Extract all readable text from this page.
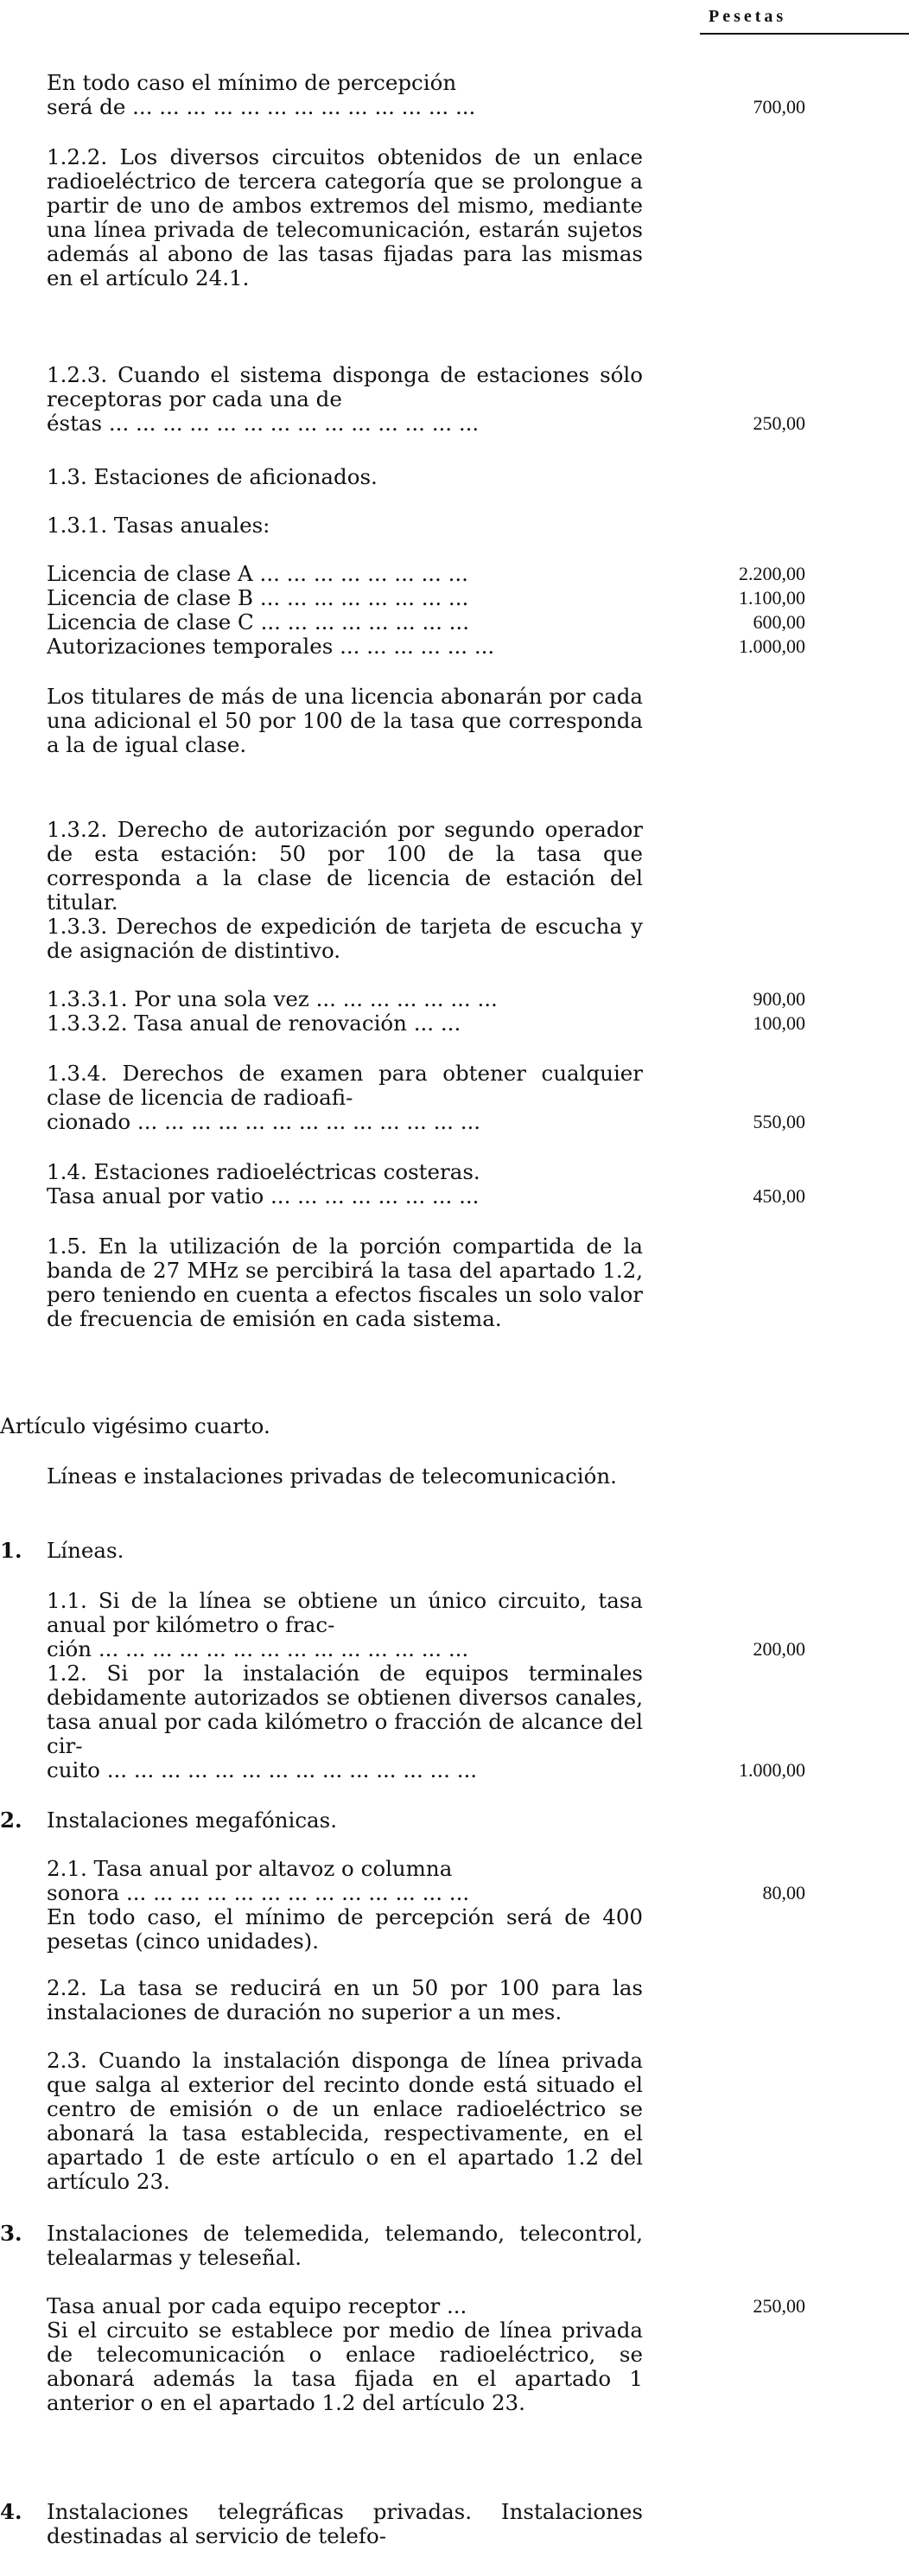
Pesetas
En todo caso el mínimo de percepción
será de ... ... ... ... ... ... ... ... ... ... ... ... ...	700,00
1.2.2. Los diversos circuitos obtenidos de un enlace radioeléctrico de tercera categoría que se prolongue a partir de uno de ambos extremos del mismo, mediante una línea privada de telecomunicación, estarán sujetos además al abono de las tasas fijadas para las mismas en el artículo 24.1.
1.2.3. Cuando el sistema disponga de estaciones sólo receptoras por cada una de
éstas ... ... ... ... ... ... ... ... ... ... ... ... ... ...	250,00
1.3. Estaciones de aficionados.
1.3.1. Tasas anuales:
Licencia de clase A ... ... ... ... ... ... ... ...	2.200,00
Licencia de clase B ... ... ... ... ... ... ... ...	1.100,00
Licencia de clase C ... ... ... ... ... ... ... ...	600,00
Autorizaciones temporales ... ... ... ... ... ...	1.000,00
Los titulares de más de una licencia abonarán por cada una adicional el 50 por 100 de la tasa que corresponda a la de igual clase.
1.3.2. Derecho de autorización por segundo operador de esta estación: 50 por 100 de la tasa que corresponda a la clase de licencia de estación del titular.
1.3.3. Derechos de expedición de tarjeta de escucha y de asignación de distintivo.
1.3.3.1. Por una sola vez ... ... ... ... ... ... ...	900,00
1.3.3.2. Tasa anual de renovación ... ...	100,00
1.3.4. Derechos de examen para obtener cualquier clase de licencia de radioafi-
cionado ... ... ... ... ... ... ... ... ... ... ... ... ...	550,00
1.4. Estaciones radioeléctricas costeras.
Tasa anual por vatio ... ... ... ... ... ... ... ...	450,00
1.5. En la utilización de la porción compartida de la banda de 27 MHz se percibirá la tasa del apartado 1.2, pero teniendo en cuenta a efectos fiscales un solo valor de frecuencia de emisión en cada sistema.
Artículo vigésimo cuarto.
Líneas e instalaciones privadas de telecomunicación.
1. Líneas.
1.1. Si de la línea se obtiene un único circuito, tasa anual por kilómetro o frac-
ción ... ... ... ... ... ... ... ... ... ... ... ... ... ...	200,00
1.2. Si por la instalación de equipos terminales debidamente autorizados se obtienen diversos canales, tasa anual por cada kilómetro o fracción de alcance del cir-
cuito ... ... ... ... ... ... ... ... ... ... ... ... ... ...	1.000,00
2. Instalaciones megafónicas.
2.1. Tasa anual por altavoz o columna
sonora ... ... ... ... ... ... ... ... ... ... ... ... ...	80,00
En todo caso, el mínimo de percepción será de 400 pesetas (cinco unidades).
2.2. La tasa se reducirá en un 50 por 100 para las instalaciones de duración no superior a un mes.
2.3. Cuando la instalación disponga de línea privada que salga al exterior del recinto donde está situado el centro de emisión o de un enlace radioeléctrico se abonará la tasa establecida, respectivamente, en el apartado 1 de este artículo o en el apartado 1.2 del artículo 23.
3. Instalaciones de telemedida, telemando, telecontrol, telealarmas y teleseñal.
Tasa anual por cada equipo receptor ...	250,00
Si el circuito se establece por medio de línea privada de telecomunicación o enlace radioeléctrico, se abonará además la tasa fijada en el apartado 1 anterior o en el apartado 1.2 del artículo 23.
4. Instalaciones telegráficas privadas. Instalaciones destinadas al servicio de telefo-
